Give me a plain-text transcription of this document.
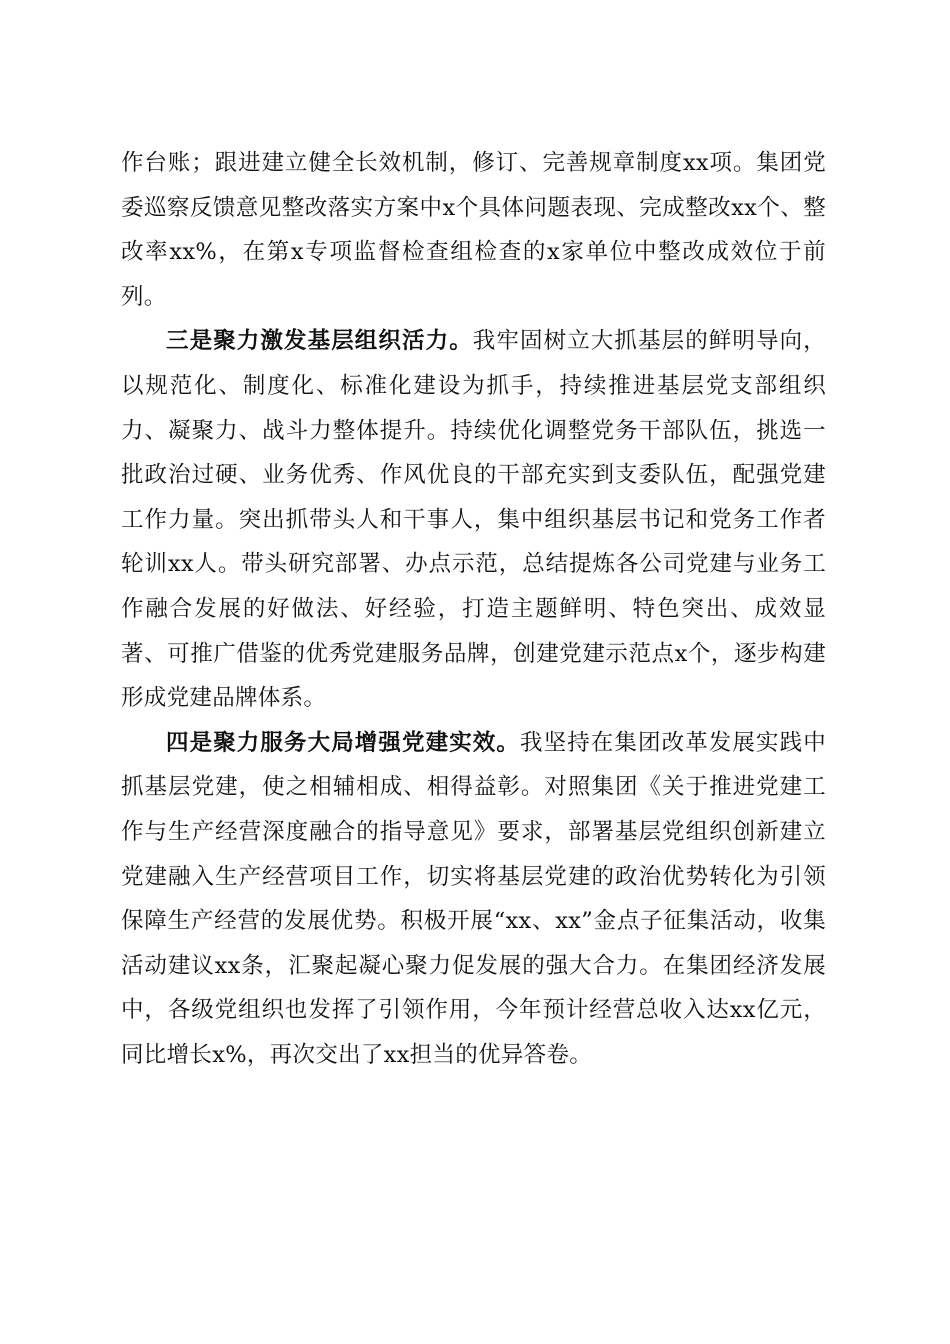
作台账；跟进建立健全长效机制，修订、完善规章制度xx项。集团党委巡察反馈意见整改落实方案中x个具体问题表现、完成整改xx个、整改率xx%，在第x专项监督检查组检查的x家单位中整改成效位于前列。

三是聚力激发基层组织活力。我牢固树立大抓基层的鲜明导向，以规范化、制度化、标准化建设为抓手，持续推进基层党支部组织力、凝聚力、战斗力整体提升。持续优化调整党务干部队伍，挑选一批政治过硬、业务优秀、作风优良的干部充实到支委队伍，配强党建工作力量。突出抓带头人和干事人，集中组织基层书记和党务工作者轮训xx人。带头研究部署、办点示范，总结提炼各公司党建与业务工作融合发展的好做法、好经验，打造主题鲜明、特色突出、成效显著、可推广借鉴的优秀党建服务品牌，创建党建示范点x个，逐步构建形成党建品牌体系。

四是聚力服务大局增强党建实效。我坚持在集团改革发展实践中抓基层党建，使之相辅相成、相得益彰。对照集团《关于推进党建工作与生产经营深度融合的指导意见》要求，部署基层党组织创新建立党建融入生产经营项目工作，切实将基层党建的政治优势转化为引领保障生产经营的发展优势。积极开展“xx、xx”金点子征集活动，收集活动建议xx条，汇聚起凝心聚力促发展的强大合力。在集团经济发展中，各级党组织也发挥了引领作用，今年预计经营总收入达xx亿元，同比增长x%，再次交出了xx担当的优异答卷。
